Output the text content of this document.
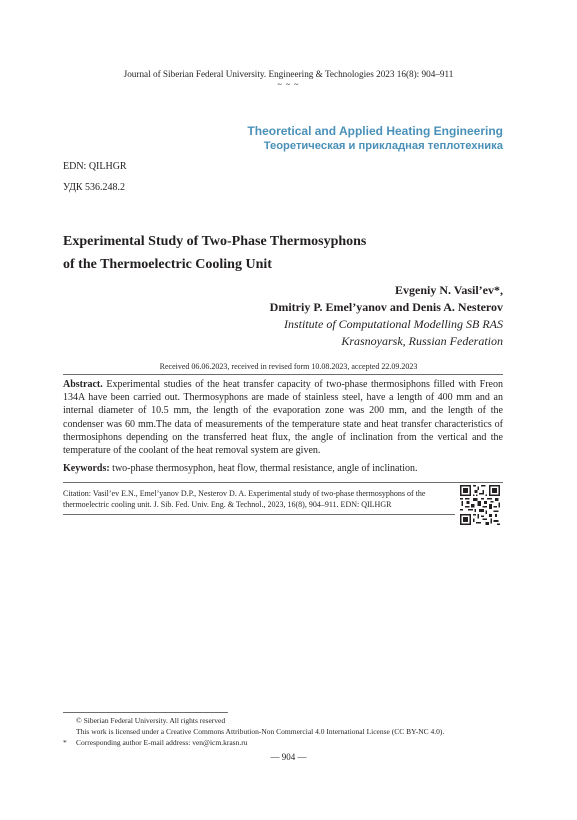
Journal of Siberian Federal University. Engineering & Technologies 2023 16(8): 904–911
~ ~ ~
Theoretical and Applied Heating Engineering
Теоретическая и прикладная теплотехника
EDN: QILHGR
УДК 536.248.2
Experimental Study of Two-Phase Thermosyphons
of the Thermoelectric Cooling Unit
Evgeniy N. Vasil’ev*,
Dmitriy P. Emel’yanov and Denis A. Nesterov
Institute of Computational Modelling SB RAS
Krasnoyarsk, Russian Federation
Received 06.06.2023, received in revised form 10.08.2023, accepted 22.09.2023
Abstract. Experimental studies of the heat transfer capacity of two-phase thermosiphons filled with Freon 134A have been carried out. Thermosyphons are made of stainless steel, have a length of 400 mm and an internal diameter of 10.5 mm, the length of the evaporation zone was 200 mm, and the length of the condenser was 60 mm.The data of measurements of the temperature state and heat transfer characteristics of thermosiphons depending on the transferred heat flux, the angle of inclination from the vertical and the temperature of the coolant of the heat removal system are given.
Keywords: two-phase thermosyphon, heat flow, thermal resistance, angle of inclination.
Citation: Vasil’ev E.N., Emel’yanov D.P., Nesterov D. A. Experimental study of two-phase thermosyphons of the thermoelectric cooling unit. J. Sib. Fed. Univ. Eng. & Technol., 2023, 16(8), 904–911. EDN: QILHGR
© Siberian Federal University. All rights reserved
This work is licensed under a Creative Commons Attribution-Non Commercial 4.0 International License (CC BY-NC 4.0).
* Corresponding author E-mail address: ven@icm.krasn.ru
— 904 —
